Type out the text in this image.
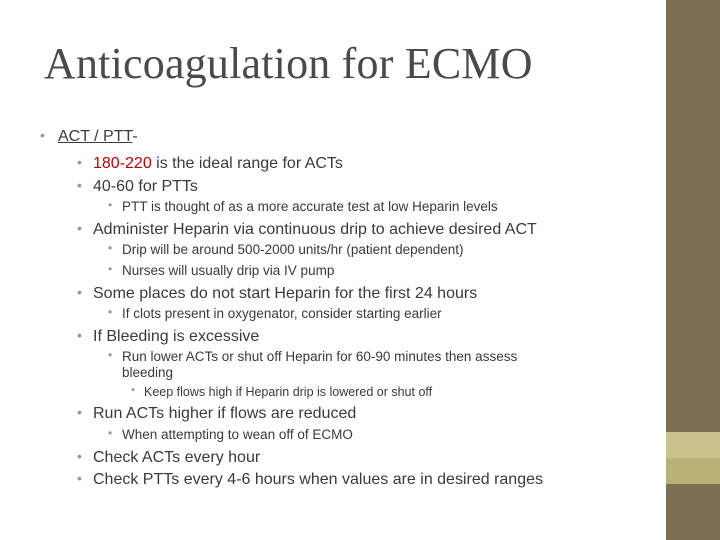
Anticoagulation for ECMO
• ACT / PTT-
• 180-220 is the ideal range for ACTs
• 40-60 for PTTs
• PTT is thought of as a more accurate test at low Heparin levels
• Administer Heparin via continuous drip to achieve desired ACT
• Drip will be around 500-2000 units/hr (patient dependent)
• Nurses will usually drip via IV pump
• Some places do not start Heparin for the first 24 hours
• If clots present in oxygenator, consider starting earlier
• If Bleeding is excessive
• Run lower ACTs or shut off Heparin for 60-90 minutes then assess
bleeding
• Keep flows high if Heparin drip is lowered or shut off
• Run ACTs higher if flows are reduced
• When attempting to wean off of ECMO
• Check ACTs every hour
• Check PTTs every 4-6 hours when values are in desired ranges
